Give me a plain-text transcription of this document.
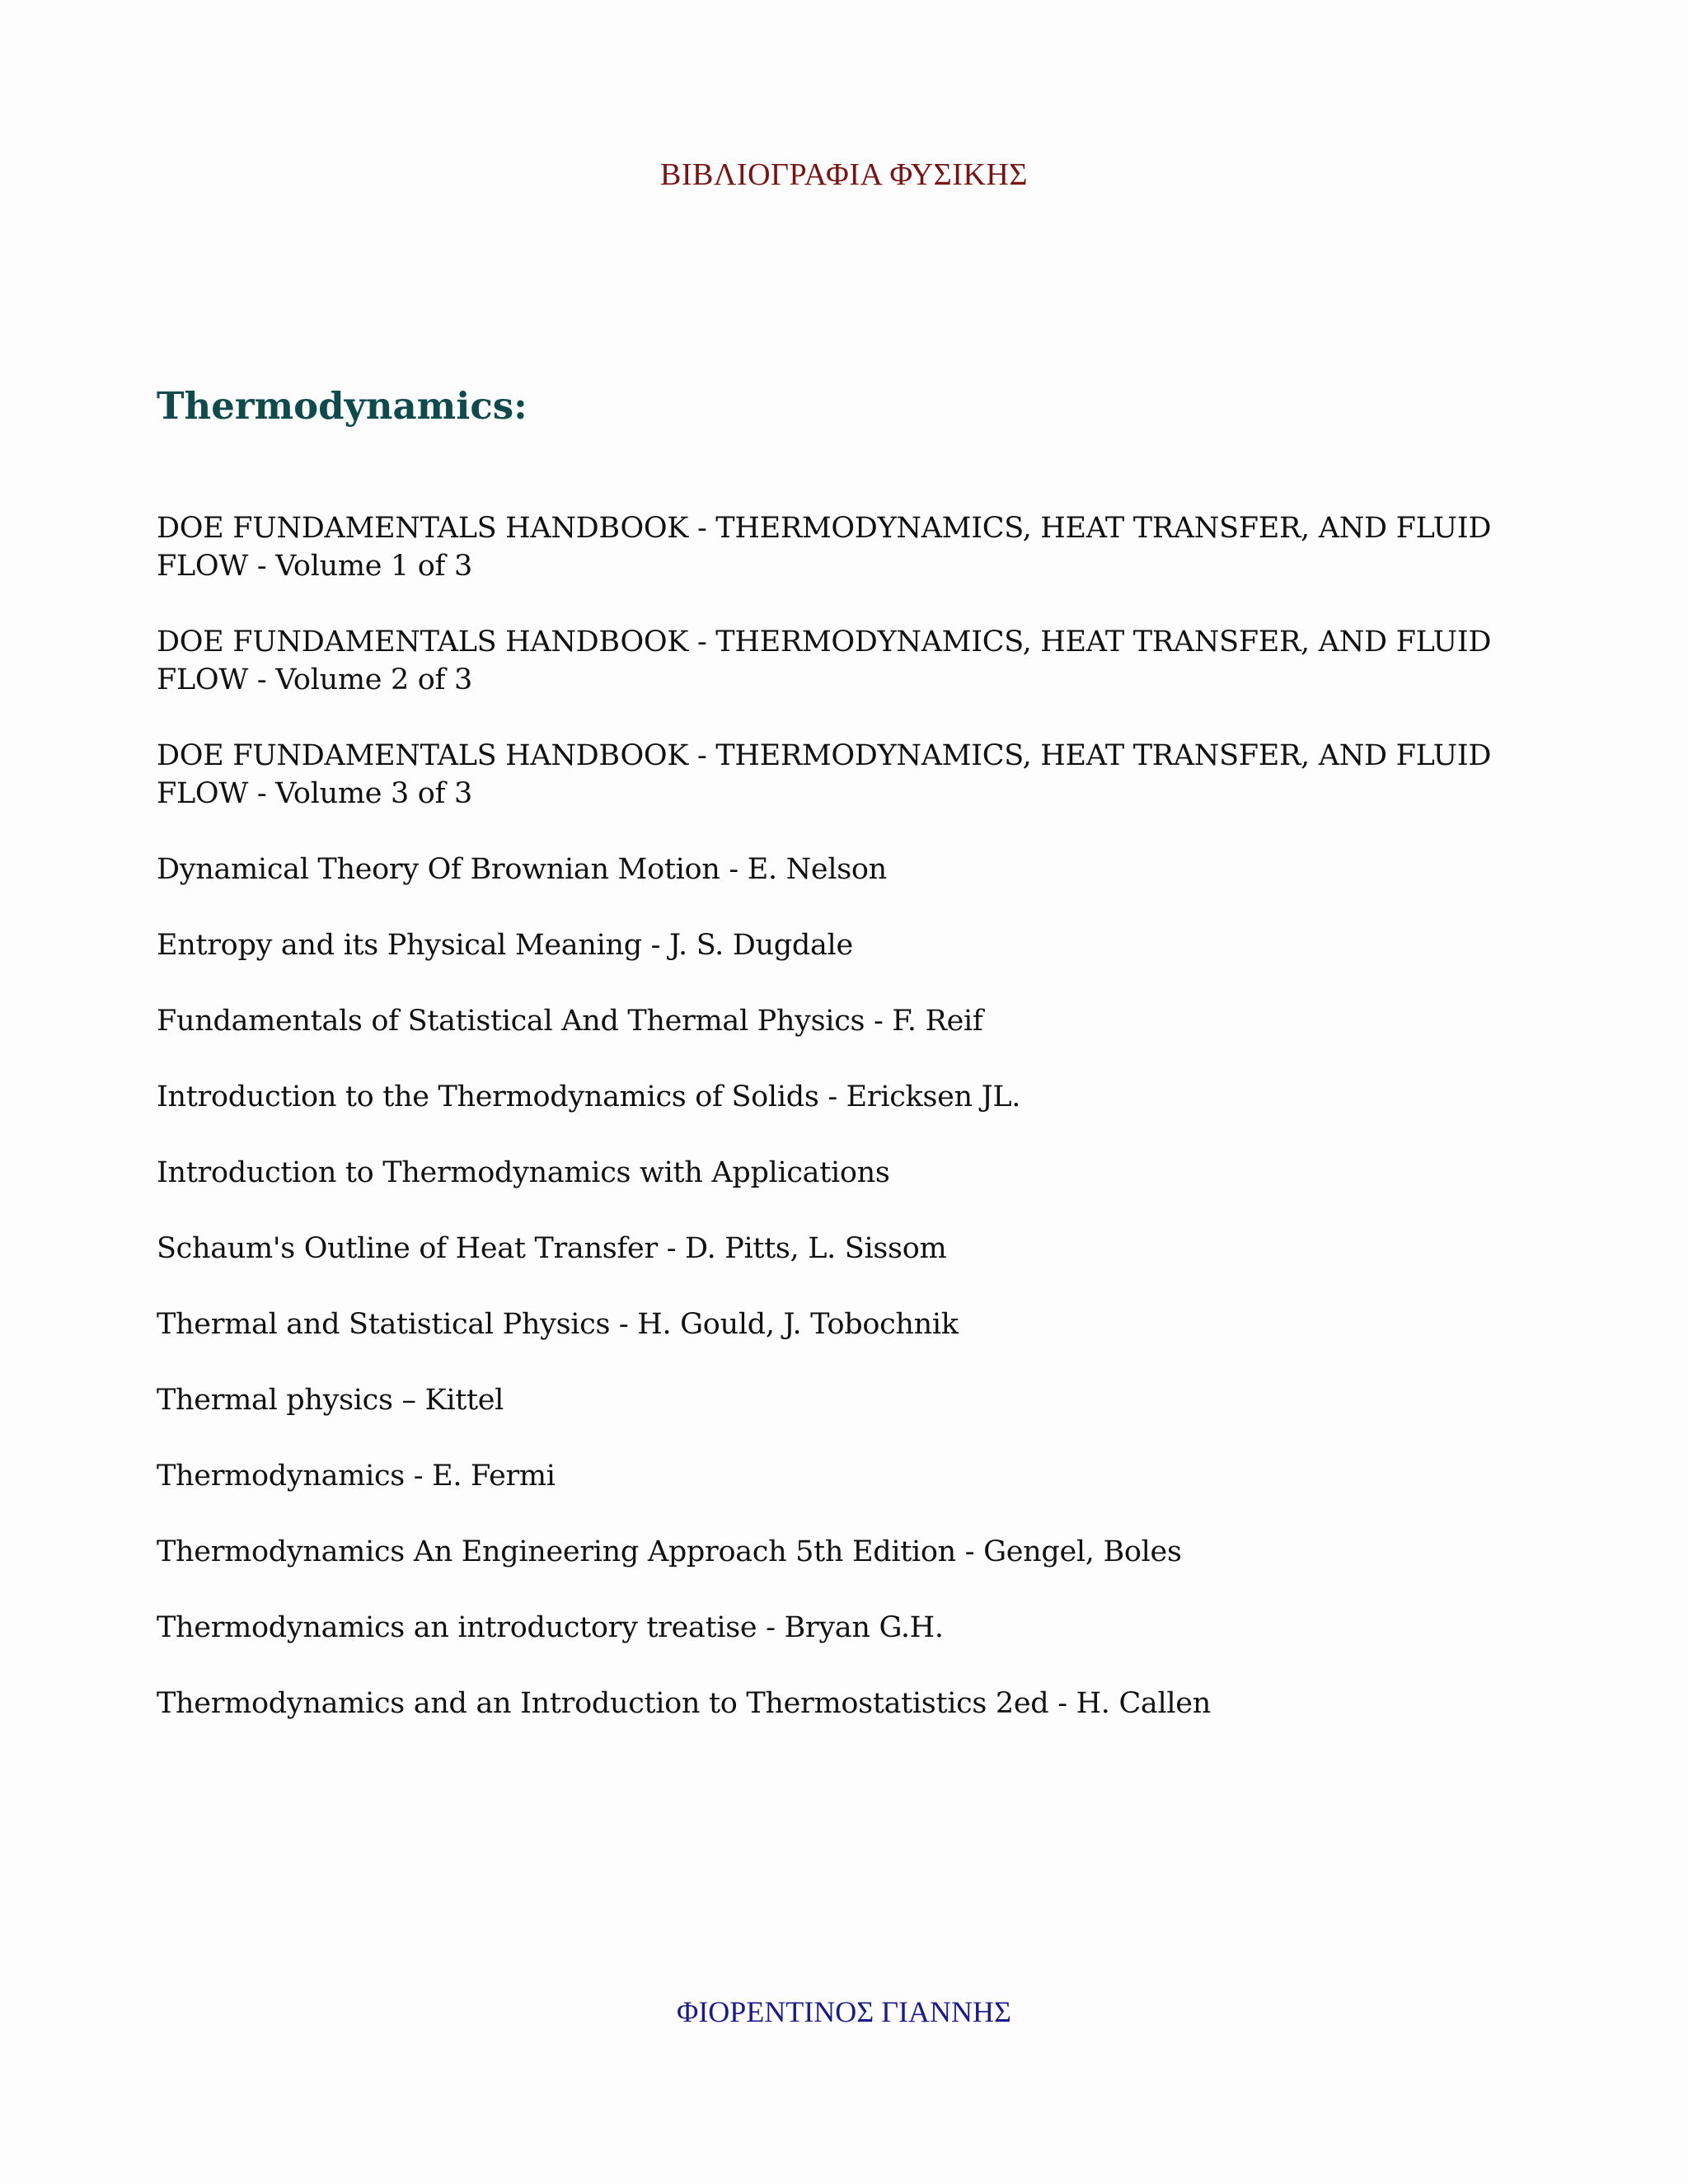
ΒΙΒΛΙΟΓΡΑΦΙΑ ΦΥΣΙΚΗΣ
Thermodynamics:
DOE FUNDAMENTALS HANDBOOK - THERMODYNAMICS, HEAT TRANSFER, AND FLUID FLOW - Volume 1 of 3
DOE FUNDAMENTALS HANDBOOK - THERMODYNAMICS, HEAT TRANSFER, AND FLUID FLOW - Volume 2 of 3
DOE FUNDAMENTALS HANDBOOK - THERMODYNAMICS, HEAT TRANSFER, AND FLUID FLOW - Volume 3 of 3
Dynamical Theory Of Brownian Motion - E. Nelson
Entropy and its Physical Meaning - J. S. Dugdale
Fundamentals of Statistical And Thermal Physics - F. Reif
Introduction to the Thermodynamics of Solids - Ericksen JL.
Introduction to Thermodynamics with Applications
Schaum's Outline of Heat Transfer - D. Pitts, L. Sissom
Thermal and Statistical Physics - H. Gould, J. Tobochnik
Thermal physics – Kittel
Thermodynamics - E. Fermi
Thermodynamics An Engineering Approach 5th Edition - Gengel, Boles
Thermodynamics an introductory treatise - Bryan G.H.
Thermodynamics and an Introduction to Thermostatistics 2ed - H. Callen
ΦΙΟΡΕΝΤΙΝΟΣ ΓΙΑΝΝΗΣ
